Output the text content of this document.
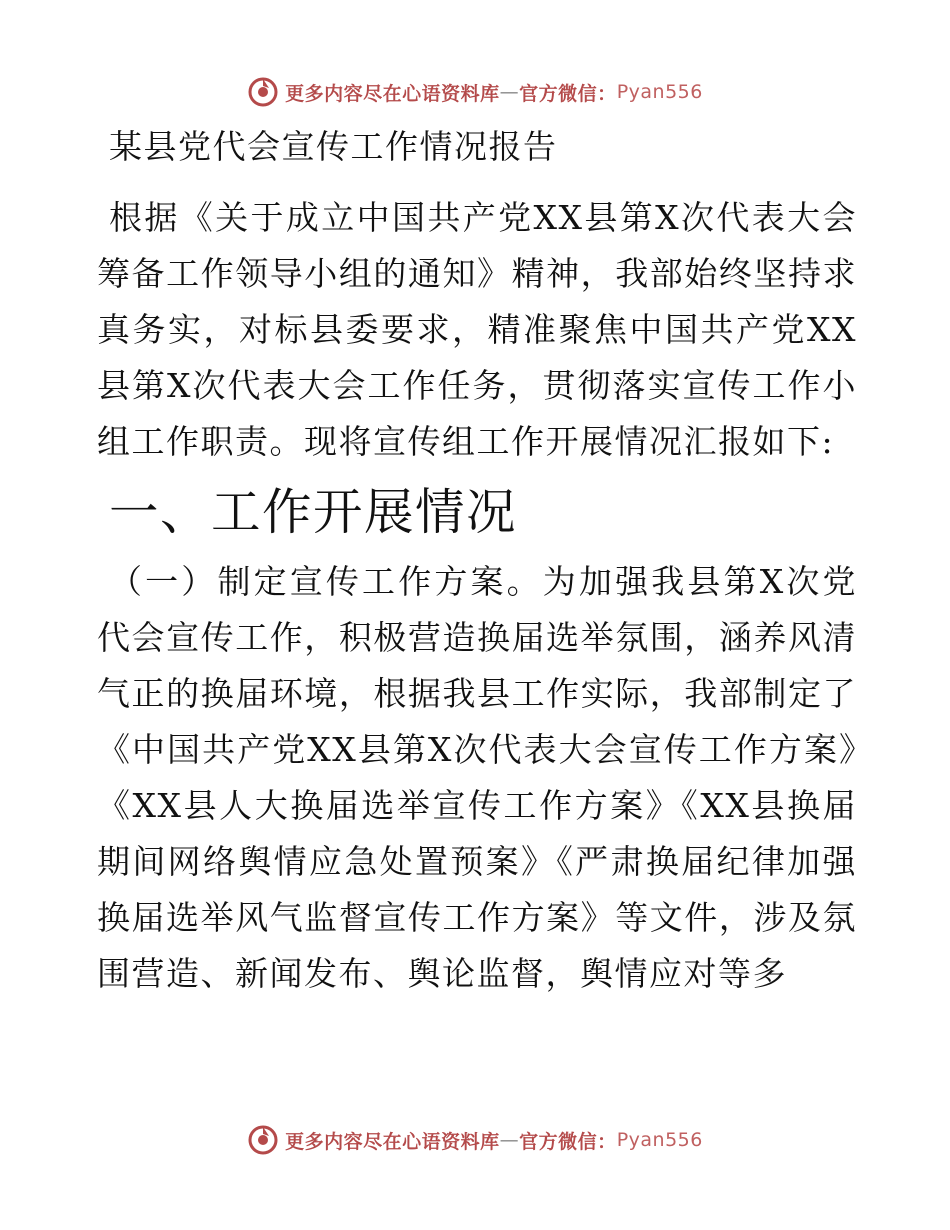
更多内容尽在心语资料库 — 官方微信： Pyan556
某县党代会宣传工作情况报告

根据《关于成立中国共产党XX县第X次代表大会筹备工作领导小组的通知》精神，我部始终坚持求真务实，对标县委要求，精准聚焦中国共产党XX县第X次代表大会工作任务，贯彻落实宣传工作小组工作职责。现将宣传组工作开展情况汇报如下:

一、工作开展情况

（一）制定宣传工作方案。为加强我县第X次党代会宣传工作，积极营造换届选举氛围，涵养风清气正的换届环境，根据我县工作实际，我部制定了《中国共产党XX县第X次代表大会宣传工作方案》《XX县人大换届选举宣传工作方案》《XX县换届期间网络舆情应急处置预案》《严肃换届纪律加强换届选举风气监督宣传工作方案》等文件，涉及氛围营造、新闻发布、舆论监督，舆情应对等多

更多内容尽在心语资料库 — 官方微信： Pyan556
